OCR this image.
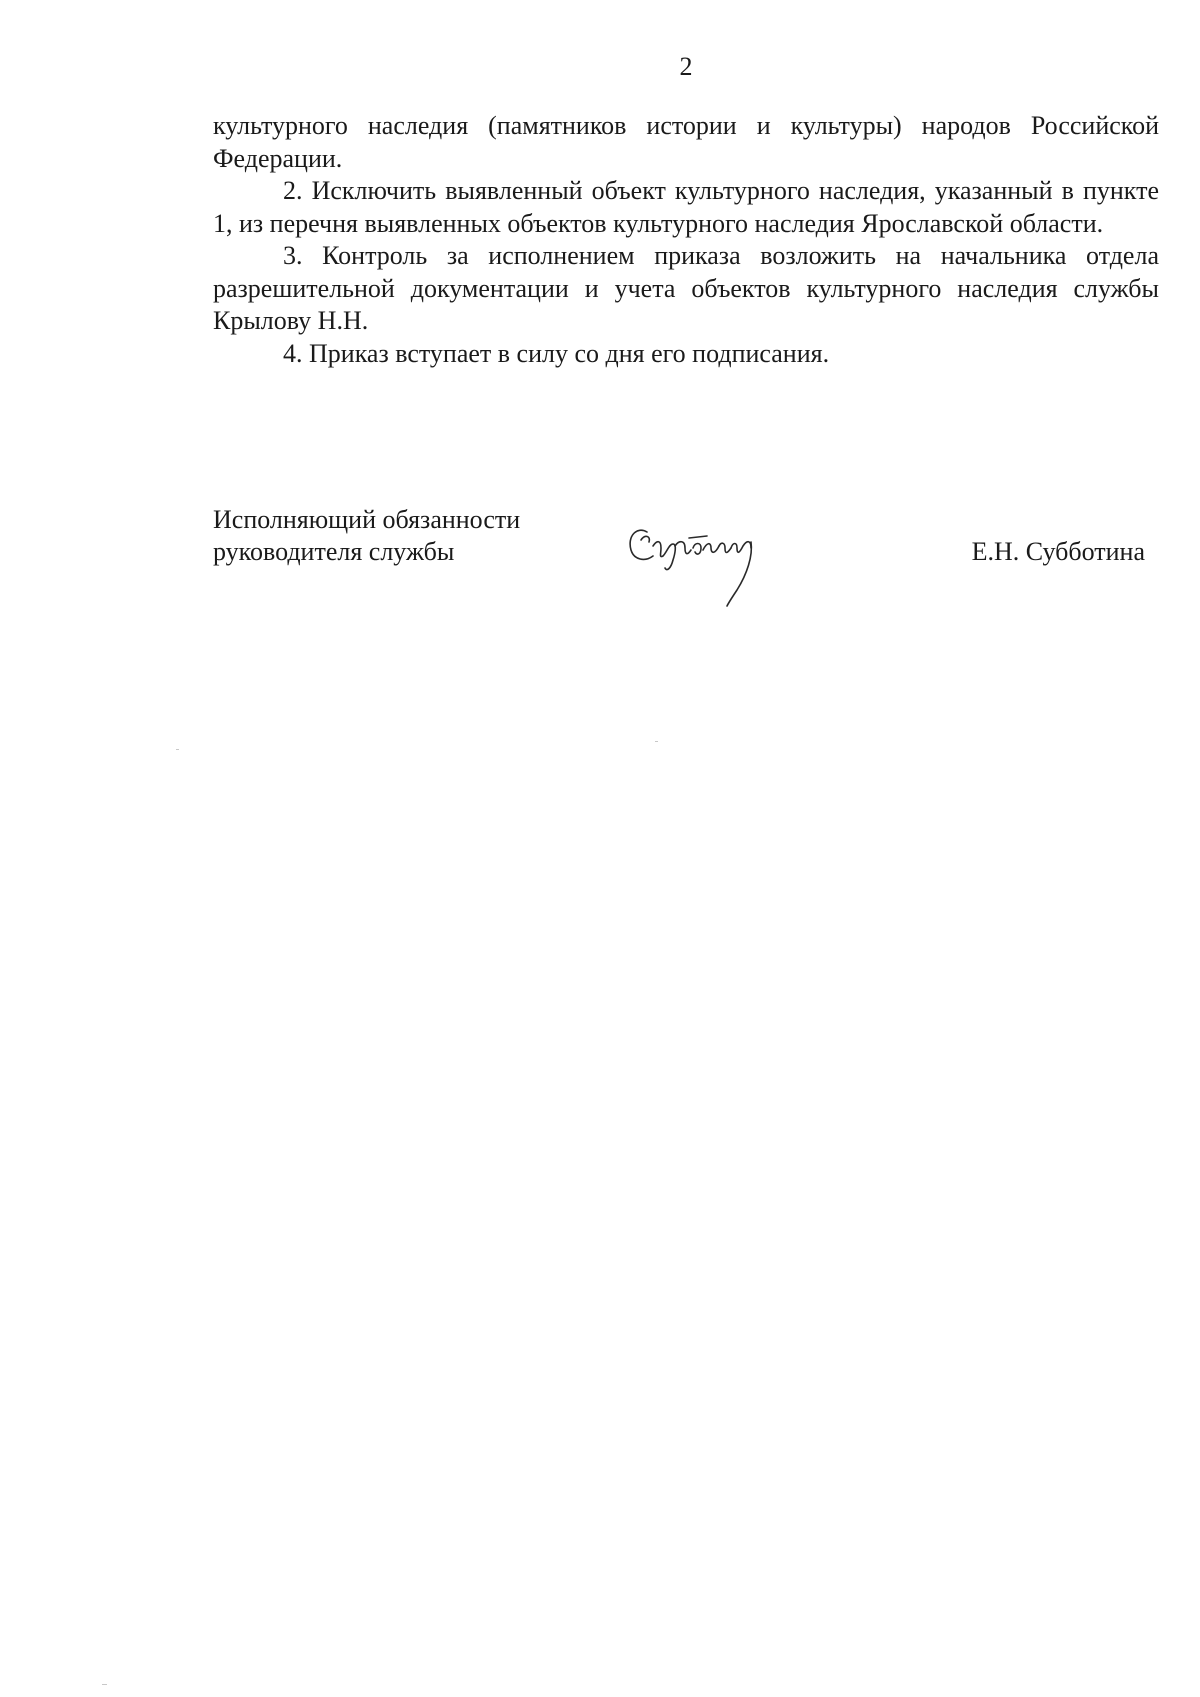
2

культурного наследия (памятников истории и культуры) народов Российской Федерации.

2. Исключить выявленный объект культурного наследия, указанный в пункте 1, из перечня выявленных объектов культурного наследия Ярославской области.

3. Контроль за исполнением приказа возложить на начальника отдела разрешительной документации и учета объектов культурного наследия службы Крылову Н.Н.

4. Приказ вступает в силу со дня его подписания.

Исполняющий обязанности
руководителя службы	Е.Н. Субботина
